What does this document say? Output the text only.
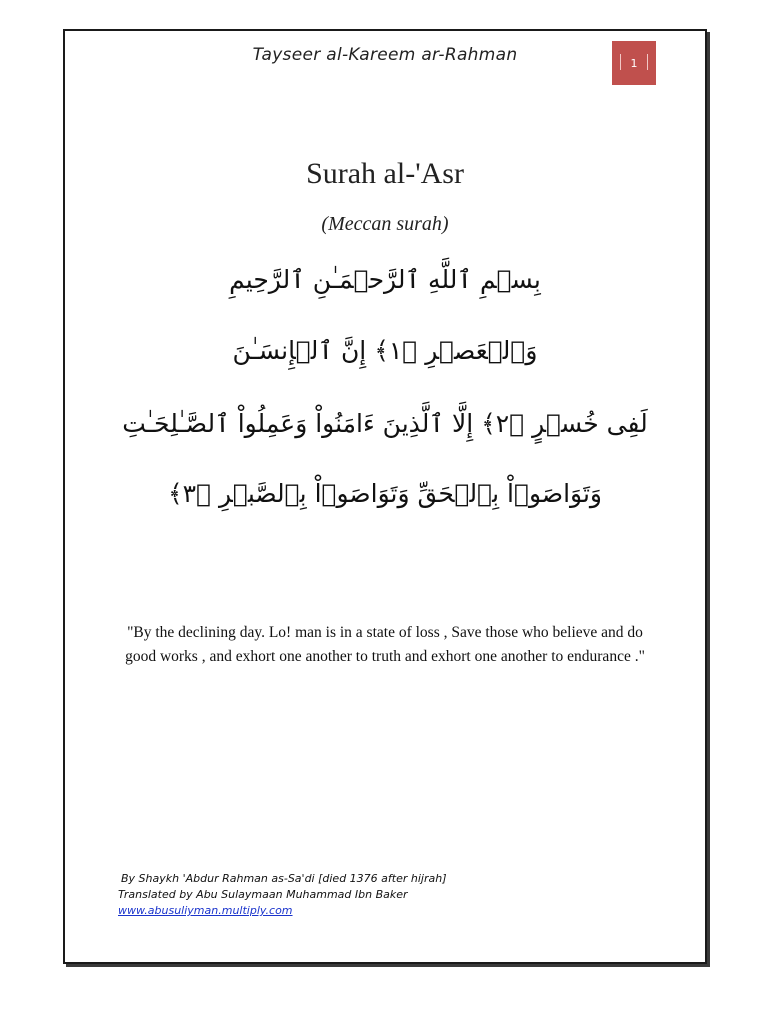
Tayseer al-Kareem ar-Rahman	1
Surah al-'Asr
(Meccan surah)
بِسۡمِ ٱللَّهِ ٱلرَّحۡمَـٰنِ ٱلرَّحِيمِ
وَٱلۡعَصۡرِ ﴿١﴾ إِنَّ ٱلۡإِنسَـٰنَ
لَفِى خُسۡرٍ ﴿٢﴾ إِلَّا ٱلَّذِينَ ءَامَنُواْ وَعَمِلُواْ ٱلصَّـٰلِحَـٰتِ
وَتَوَاصَوۡاْ بِٱلۡحَقِّ وَتَوَاصَوۡاْ بِٱلصَّبۡرِ ﴿٣﴾
"By the declining day. Lo! man is in a state of loss , Save those who believe and do good works , and exhort one another to truth and exhort one another to endurance ."
By Shaykh 'Abdur Rahman as-Sa'di [died 1376 after hijrah]
Translated by Abu Sulaymaan Muhammad Ibn Baker
www.abusuliyman.multiply.com
